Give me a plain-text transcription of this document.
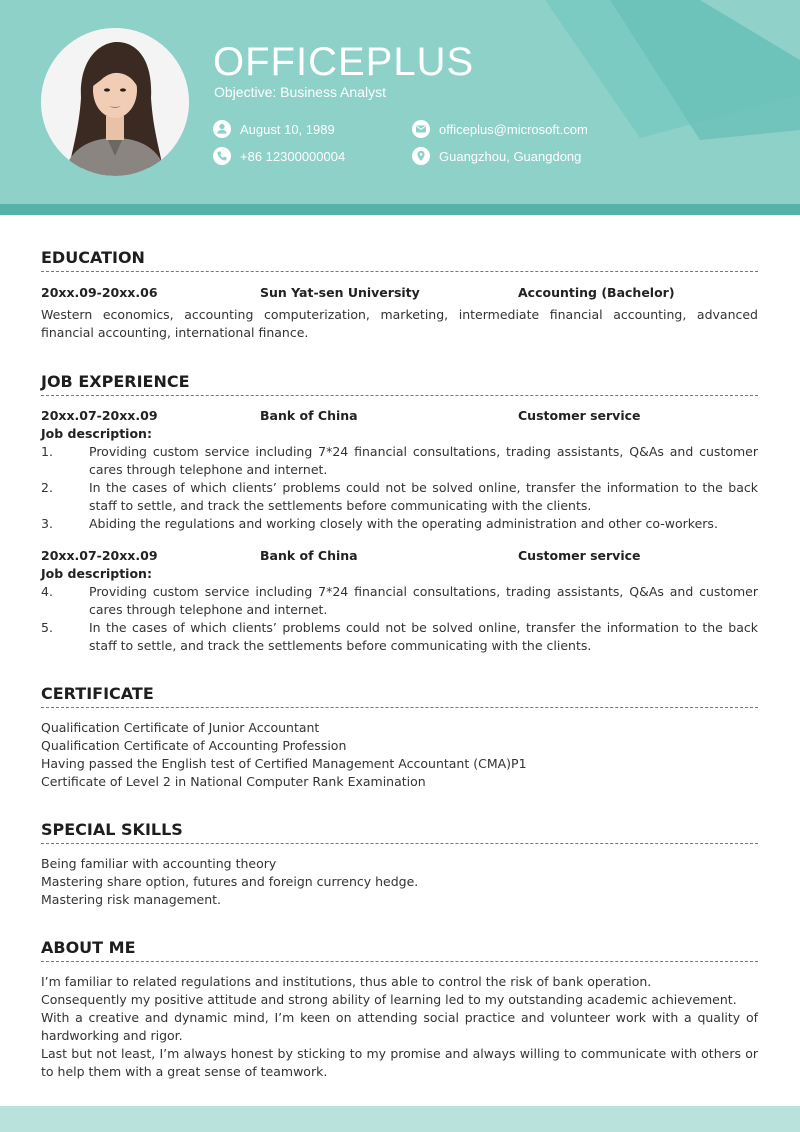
OFFICEPLUS
Objective: Business Analyst
August 10, 1989
+86 12300000004
officeplus@microsoft.com
Guangzhou, Guangdong
EDUCATION
20xx.09-20xx.06	Sun Yat-sen University	Accounting (Bachelor)
Western economics, accounting computerization, marketing, intermediate financial accounting, advanced financial accounting, international finance.
JOB EXPERIENCE
20xx.07-20xx.09	Bank of China	Customer service
Job description:
1.	Providing custom service including 7*24 financial consultations, trading assistants, Q&As and customer cares through telephone and internet.
2.	In the cases of which clients’ problems could not be solved online, transfer the information to the back staff to settle, and track the settlements before communicating with the clients.
3.	Abiding the regulations and working closely with the operating administration and other co-workers.
20xx.07-20xx.09	Bank of China	Customer service
Job description:
4.	Providing custom service including 7*24 financial consultations, trading assistants, Q&As and customer cares through telephone and internet.
5.	In the cases of which clients’ problems could not be solved online, transfer the information to the back staff to settle, and track the settlements before communicating with the clients.
CERTIFICATE
Qualification Certificate of Junior Accountant
Qualification Certificate of Accounting Profession
Having passed the English test of Certified Management Accountant (CMA)P1
Certificate of Level 2 in National Computer Rank Examination
SPECIAL SKILLS
Being familiar with accounting theory
Mastering share option, futures and foreign currency hedge.
Mastering risk management.
ABOUT ME
I’m familiar to related regulations and institutions, thus able to control the risk of bank operation.
Consequently my positive attitude and strong ability of learning led to my outstanding academic achievement.
With a creative and dynamic mind, I’m keen on attending social practice and volunteer work with a quality of hardworking and rigor.
Last but not least, I’m always honest by sticking to my promise and always willing to communicate with others or to help them with a great sense of teamwork.
